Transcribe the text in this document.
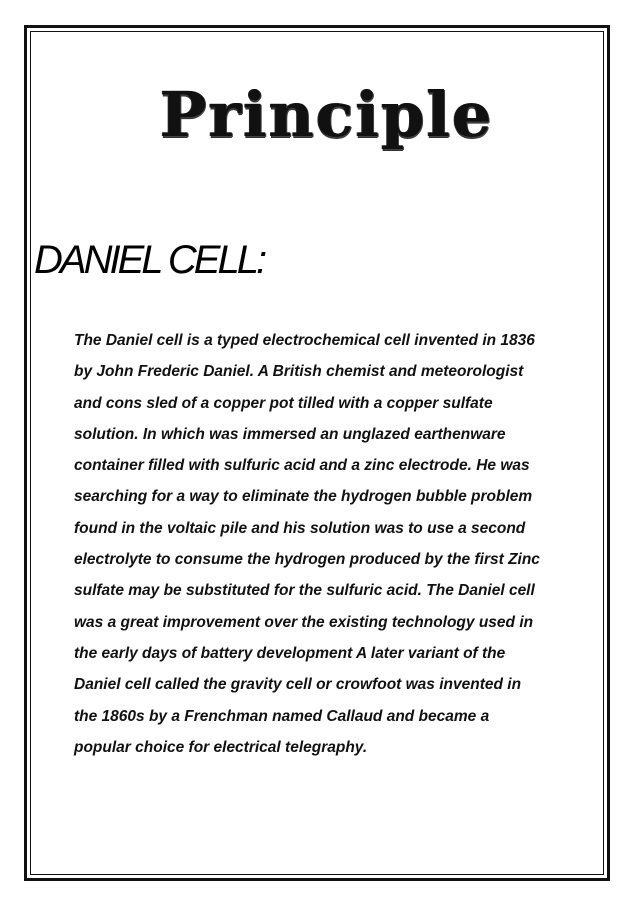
Principle
DANIEL CELL:
The Daniel cell is a typed electrochemical cell invented in 1836
by John Frederic Daniel. A British chemist and meteorologist
and cons sled of a copper pot tilled with a copper sulfate
solution. In which was immersed an unglazed earthenware
container filled with sulfuric acid and a zinc electrode. He was
searching for a way to eliminate the hydrogen bubble problem
found in the voltaic pile and his solution was to use a second
electrolyte to consume the hydrogen produced by the first Zinc
sulfate may be substituted for the sulfuric acid. The Daniel cell
was a great improvement over the existing technology used in
the early days of battery development A later variant of the
Daniel cell called the gravity cell or crowfoot was invented in
the 1860s by a Frenchman named Callaud and became a
popular choice for electrical telegraphy.
